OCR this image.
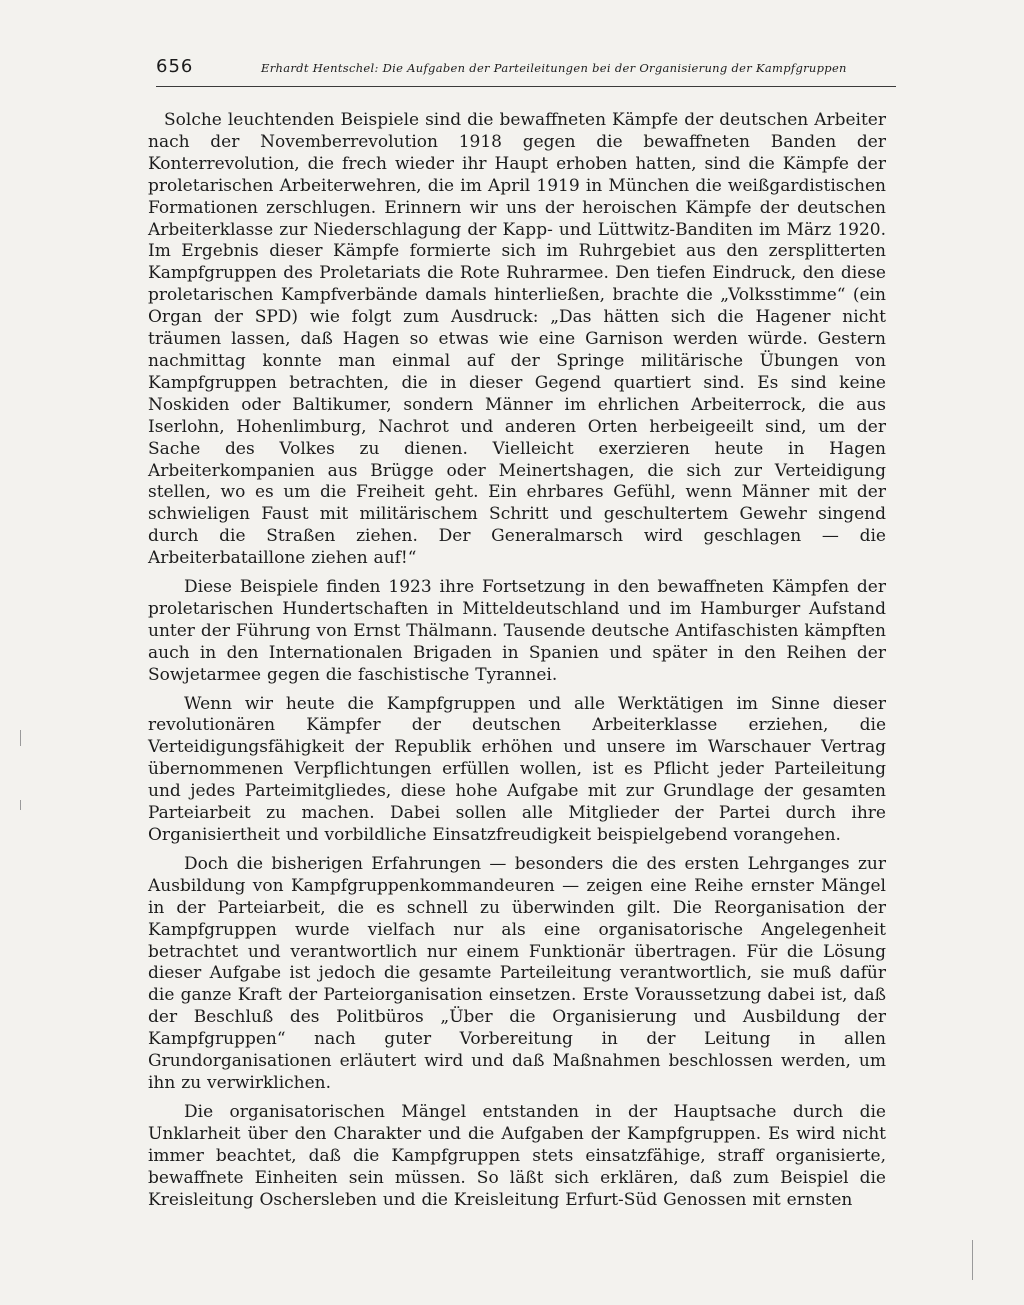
656	Erhardt Hentschel: Die Aufgaben der Parteileitungen bei der Organisierung der Kampfgruppen

Solche leuchtenden Beispiele sind die bewaffneten Kämpfe der deutschen Arbeiter nach der Novemberrevolution 1918 gegen die bewaffneten Banden der Konterrevolution, die frech wieder ihr Haupt erhoben hatten, sind die Kämpfe der proletarischen Arbeiterwehren, die im April 1919 in München die weißgardistischen Formationen zerschlugen. Erinnern wir uns der heroischen Kämpfe der deutschen Arbeiterklasse zur Niederschlagung der Kapp- und Lüttwitz-Banditen im März 1920. Im Ergebnis dieser Kämpfe formierte sich im Ruhrgebiet aus den zersplitterten Kampfgruppen des Proletariats die Rote Ruhrarmee. Den tiefen Eindruck, den diese proletarischen Kampfverbände damals hinterließen, brachte die „Volksstimme“ (ein Organ der SPD) wie folgt zum Ausdruck: „Das hätten sich die Hagener nicht träumen lassen, daß Hagen so etwas wie eine Garnison werden würde. Gestern nachmittag konnte man einmal auf der Springe militärische Übungen von Kampfgruppen betrachten, die in dieser Gegend quartiert sind. Es sind keine Noskiden oder Baltikumer, sondern Männer im ehrlichen Arbeiterrock, die aus Iserlohn, Hohenlimburg, Nachrot und anderen Orten herbeigeeilt sind, um der Sache des Volkes zu dienen. Vielleicht exerzieren heute in Hagen Arbeiterkompanien aus Brügge oder Meinertshagen, die sich zur Verteidigung stellen, wo es um die Freiheit geht. Ein ehrbares Gefühl, wenn Männer mit der schwieligen Faust mit militärischem Schritt und geschultertem Gewehr singend durch die Straßen ziehen. Der Generalmarsch wird geschlagen — die Arbeiterbataillone ziehen auf!“

Diese Beispiele finden 1923 ihre Fortsetzung in den bewaffneten Kämpfen der proletarischen Hundertschaften in Mitteldeutschland und im Hamburger Aufstand unter der Führung von Ernst Thälmann. Tausende deutsche Antifaschisten kämpften auch in den Internationalen Brigaden in Spanien und später in den Reihen der Sowjetarmee gegen die faschistische Tyrannei.

Wenn wir heute die Kampfgruppen und alle Werktätigen im Sinne dieser revolutionären Kämpfer der deutschen Arbeiterklasse erziehen, die Verteidigungsfähigkeit der Republik erhöhen und unsere im Warschauer Vertrag übernommenen Verpflichtungen erfüllen wollen, ist es Pflicht jeder Parteileitung und jedes Parteimitgliedes, diese hohe Aufgabe mit zur Grundlage der gesamten Parteiarbeit zu machen. Dabei sollen alle Mitglieder der Partei durch ihre Organisiertheit und vorbildliche Einsatzfreudigkeit beispielgebend vorangehen.

Doch die bisherigen Erfahrungen — besonders die des ersten Lehrganges zur Ausbildung von Kampfgruppenkommandeuren — zeigen eine Reihe ernster Mängel in der Parteiarbeit, die es schnell zu überwinden gilt. Die Reorganisation der Kampfgruppen wurde vielfach nur als eine organisatorische Angelegenheit betrachtet und verantwortlich nur einem Funktionär übertragen. Für die Lösung dieser Aufgabe ist jedoch die gesamte Parteileitung verantwortlich, sie muß dafür die ganze Kraft der Parteiorganisation einsetzen. Erste Voraussetzung dabei ist, daß der Beschluß des Politbüros „Über die Organisierung und Ausbildung der Kampfgruppen“ nach guter Vorbereitung in der Leitung in allen Grundorganisationen erläutert wird und daß Maßnahmen beschlossen werden, um ihn zu verwirklichen.

Die organisatorischen Mängel entstanden in der Hauptsache durch die Unklarheit über den Charakter und die Aufgaben der Kampfgruppen. Es wird nicht immer beachtet, daß die Kampfgruppen stets einsatzfähige, straff organisierte, bewaffnete Einheiten sein müssen. So läßt sich erklären, daß zum Beispiel die Kreisleitung Oschersleben und die Kreisleitung Erfurt-Süd Genossen mit ernsten
